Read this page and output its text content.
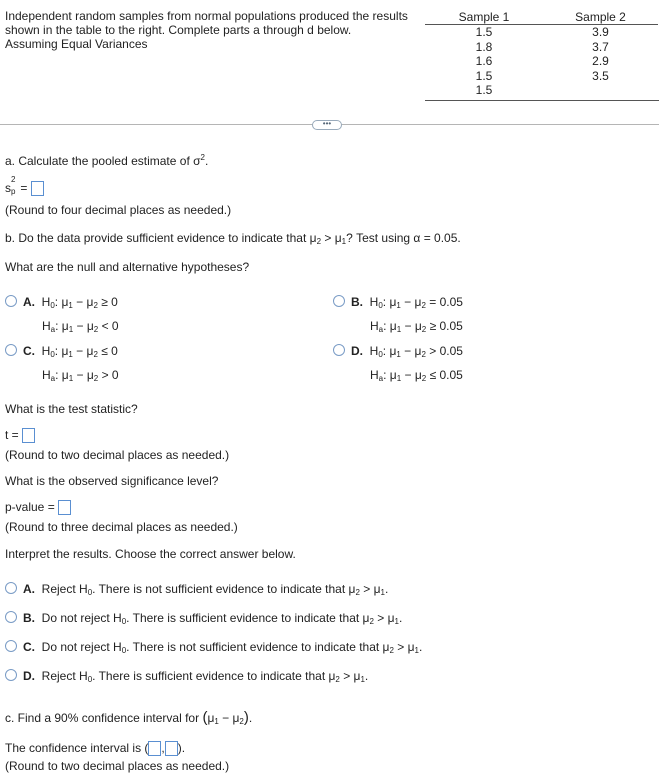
Independent random samples from normal populations produced the results
shown in the table to the right. Complete parts a through d below.
Assuming Equal Variances
Sample 1		Sample 2
1.5		3.9
1.8		3.7
1.6		2.9
1.5		3.5
1.5		
•••
a. Calculate the pooled estimate of $\sigma^2$.
s
2
p =
(Round to four decimal places as needed.)
b. Do the data provide sufficient evidence to indicate that $\mu_2 > \mu_1$? Test using α = 0.05.
What are the null and alternative hypotheses?
A.  $H_0$: $\mu_1 - \mu_2 \ge 0$
$H_a$: $\mu_1 - \mu_2 < 0$
B.  $H_0$: $\mu_1 - \mu_2 = 0.05$
$H_a$: $\mu_1 - \mu_2 \ge 0.05$
C.  $H_0$: $\mu_1 - \mu_2 \le 0$
$H_a$: $\mu_1 - \mu_2 > 0$
D.  $H_0$: $\mu_1 - \mu_2 > 0.05$
$H_a$: $\mu_1 - \mu_2 \le 0.05$
What is the test statistic?
t =
(Round to two decimal places as needed.)
What is the observed significance level?
p-value =
(Round to three decimal places as needed.)
Interpret the results. Choose the correct answer below.
A. Reject $H_0$. There is not sufficient evidence to indicate that $\mu_2 > \mu_1$.
B. Do not reject $H_0$. There is sufficient evidence to indicate that $\mu_2 > \mu_1$.
C. Do not reject $H_0$. There is not sufficient evidence to indicate that $\mu_2 > \mu_1$.
D. Reject $H_0$. There is sufficient evidence to indicate that $\mu_2 > \mu_1$.
c. Find a 90% confidence interval for $(\mu_1 - \mu_2)$.
The confidence interval is ( , ).
(Round to two decimal places as needed.)
